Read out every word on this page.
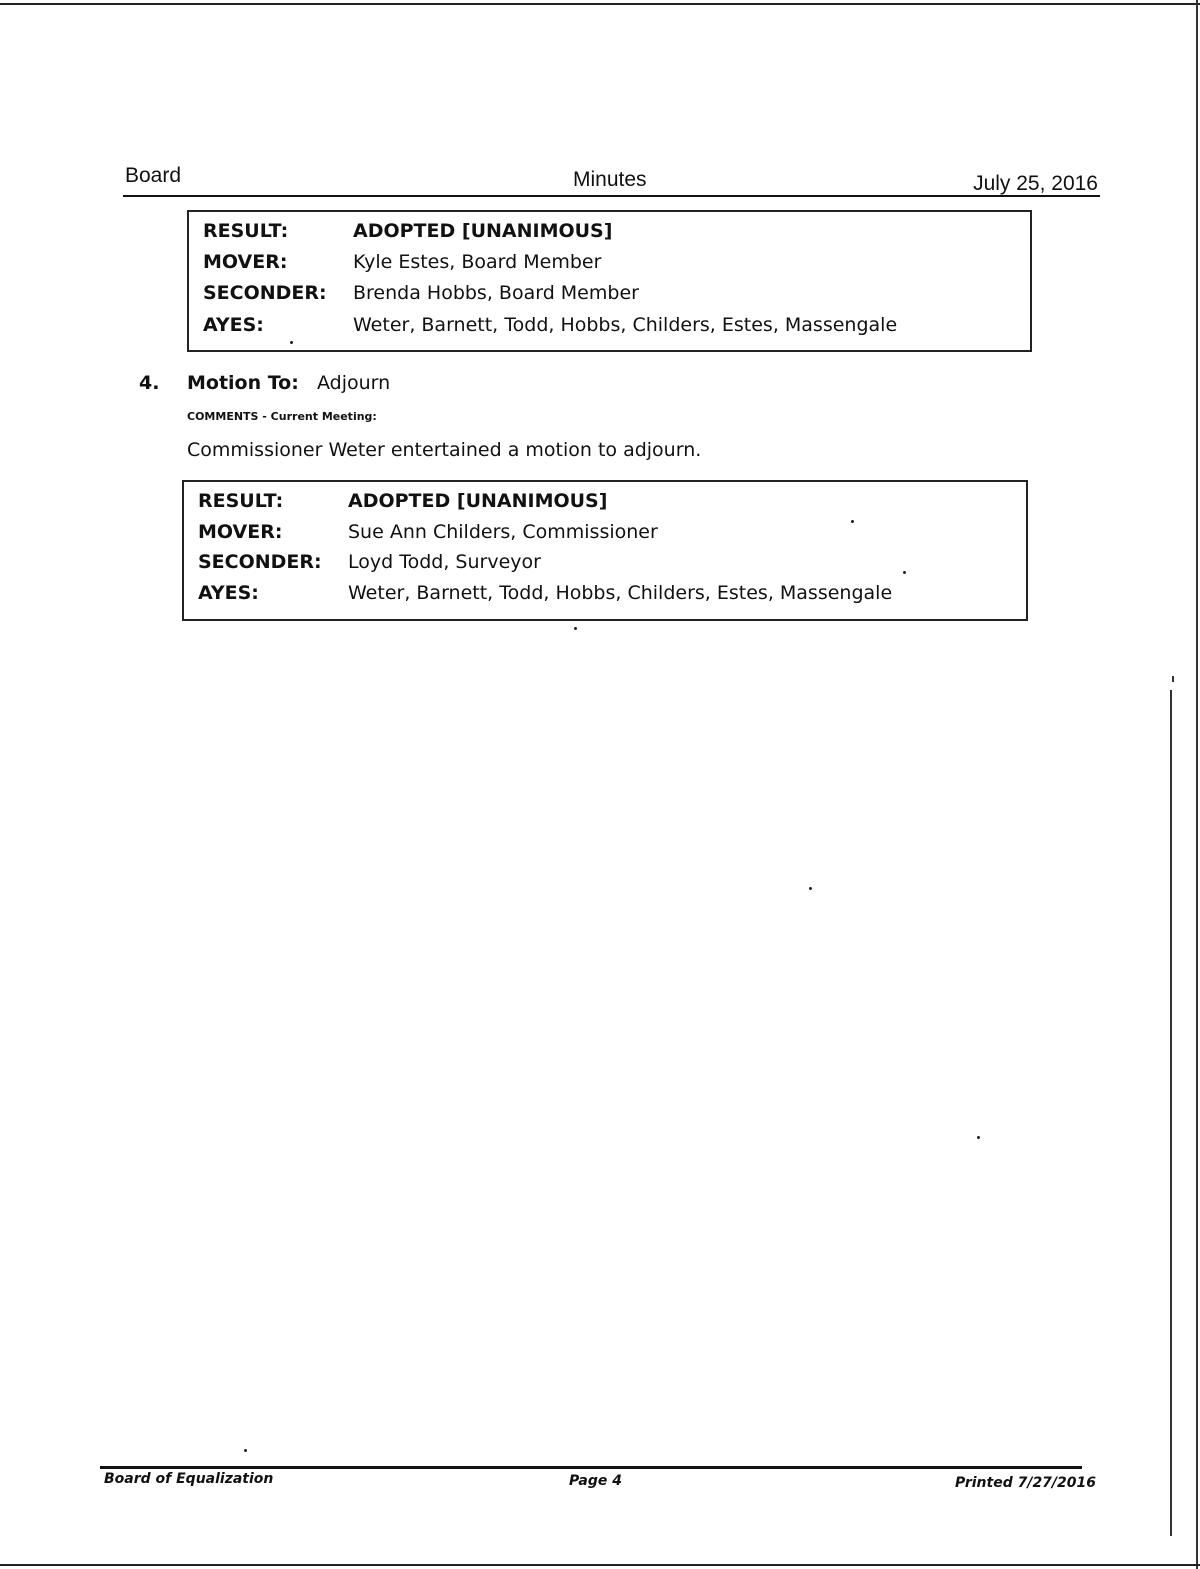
Board	Minutes	July 25, 2016
RESULT:	ADOPTED [UNANIMOUS]
MOVER:	Kyle Estes, Board Member
SECONDER: Brenda Hobbs, Board Member
AYES:	Weter, Barnett, Todd, Hobbs, Childers, Estes, Massengale
4. Motion To: Adjourn
COMMENTS - Current Meeting:
Commissioner Weter entertained a motion to adjourn.
RESULT:	ADOPTED [UNANIMOUS]
MOVER:	Sue Ann Childers, Commissioner
SECONDER: Loyd Todd, Surveyor
AYES:	Weter, Barnett, Todd, Hobbs, Childers, Estes, Massengale
Board of Equalization	Page 4	Printed 7/27/2016
